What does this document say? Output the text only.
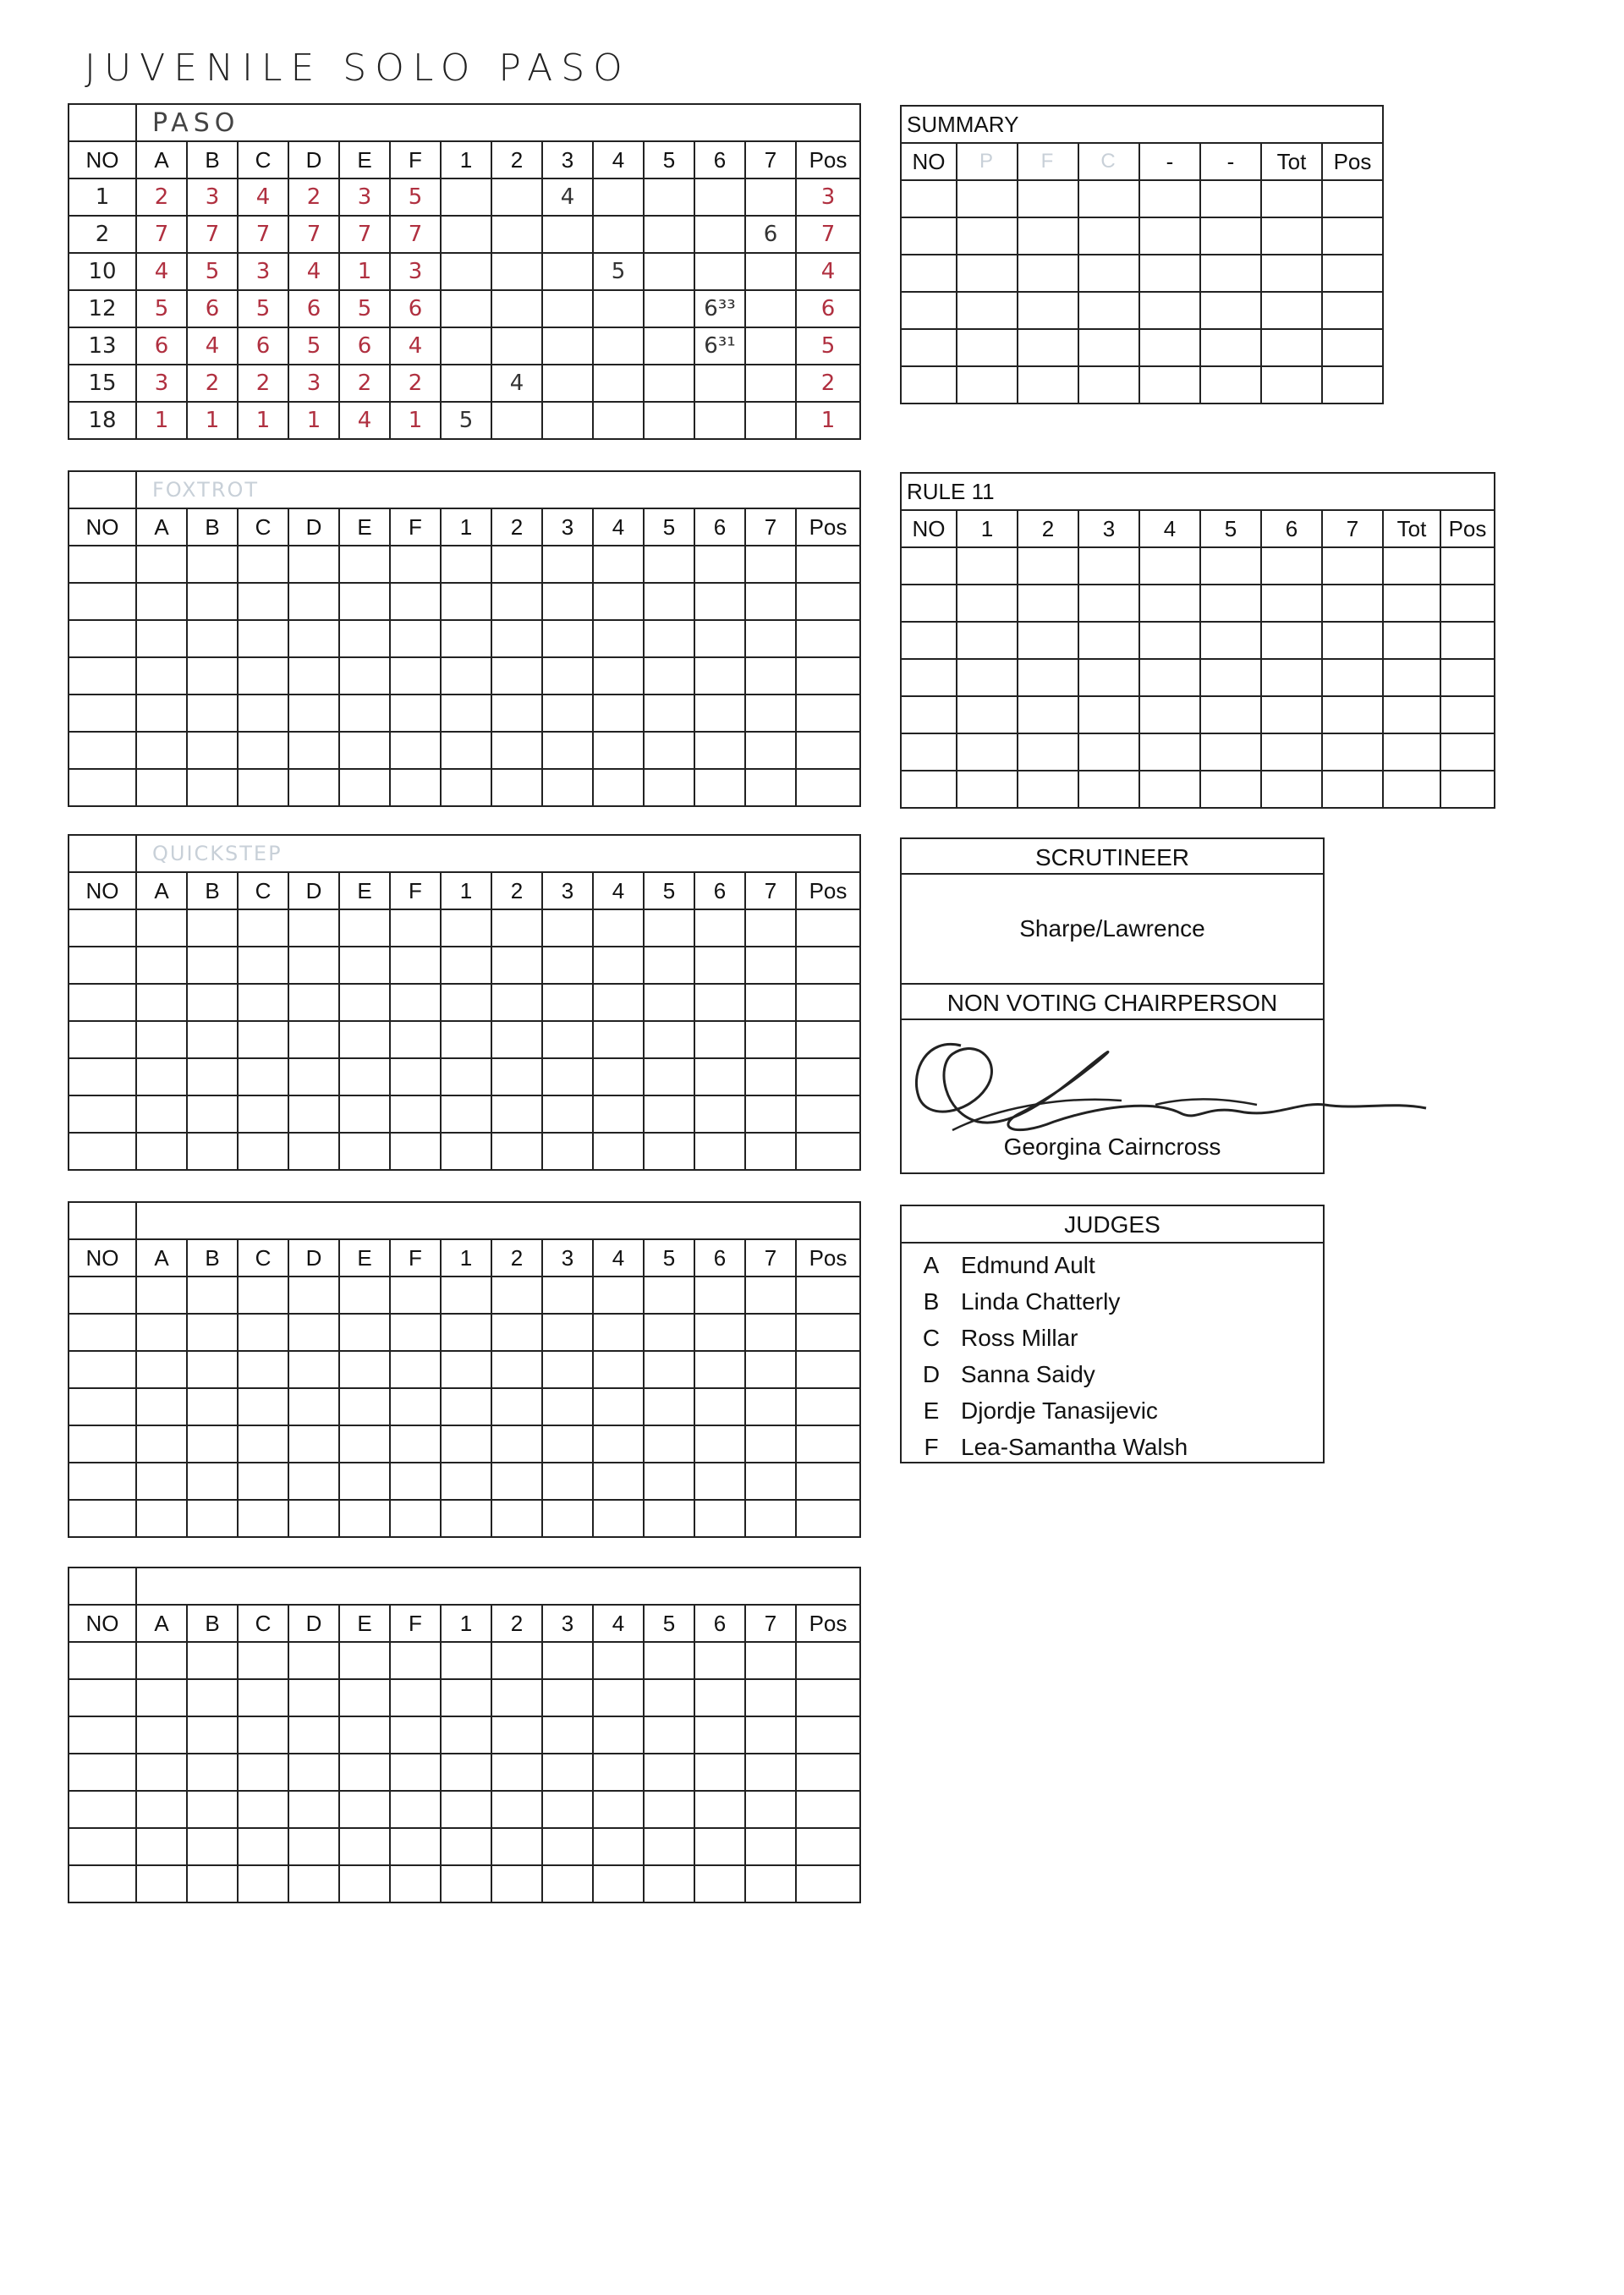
JUVENILE SOLO PASO
	PASO													
NO	A	B	C	D	E	F	1	2	3	4	5	6	7	Pos
1	2	3	4	2	3	5			4					3
2	7	7	7	7	7	7							6	7
10	4	5	3	4	1	3				5				4
12	5	6	5	6	5	6						6³³		6
13	6	4	6	5	6	4						6³¹		5
15	3	2	2	3	2	2		4						2
18	1	1	1	1	4	1	5							1
	FOXTROT													
NO	A	B	C	D	E	F	1	2	3	4	5	6	7	Pos

	QUICKSTEP													
NO	A	B	C	D	E	F	1	2	3	4	5	6	7	Pos

NO	A	B	C	D	E	F	1	2	3	4	5	6	7	Pos

NO	A	B	C	D	E	F	1	2	3	4	5	6	7	Pos

SUMMARY							
NO	P	F	C	-	-	Tot	Pos

RULE 11									
NO	1	2	3	4	5	6	7	Tot	Pos

SCRUTINEER
Sharpe/Lawrence
NON VOTING CHAIRPERSON
Georgina Cairncross
JUDGES
A Edmund Ault
B Linda Chatterly
C Ross Millar
D Sanna Saidy
E Djordje Tanasijevic
F Lea-Samantha Walsh
